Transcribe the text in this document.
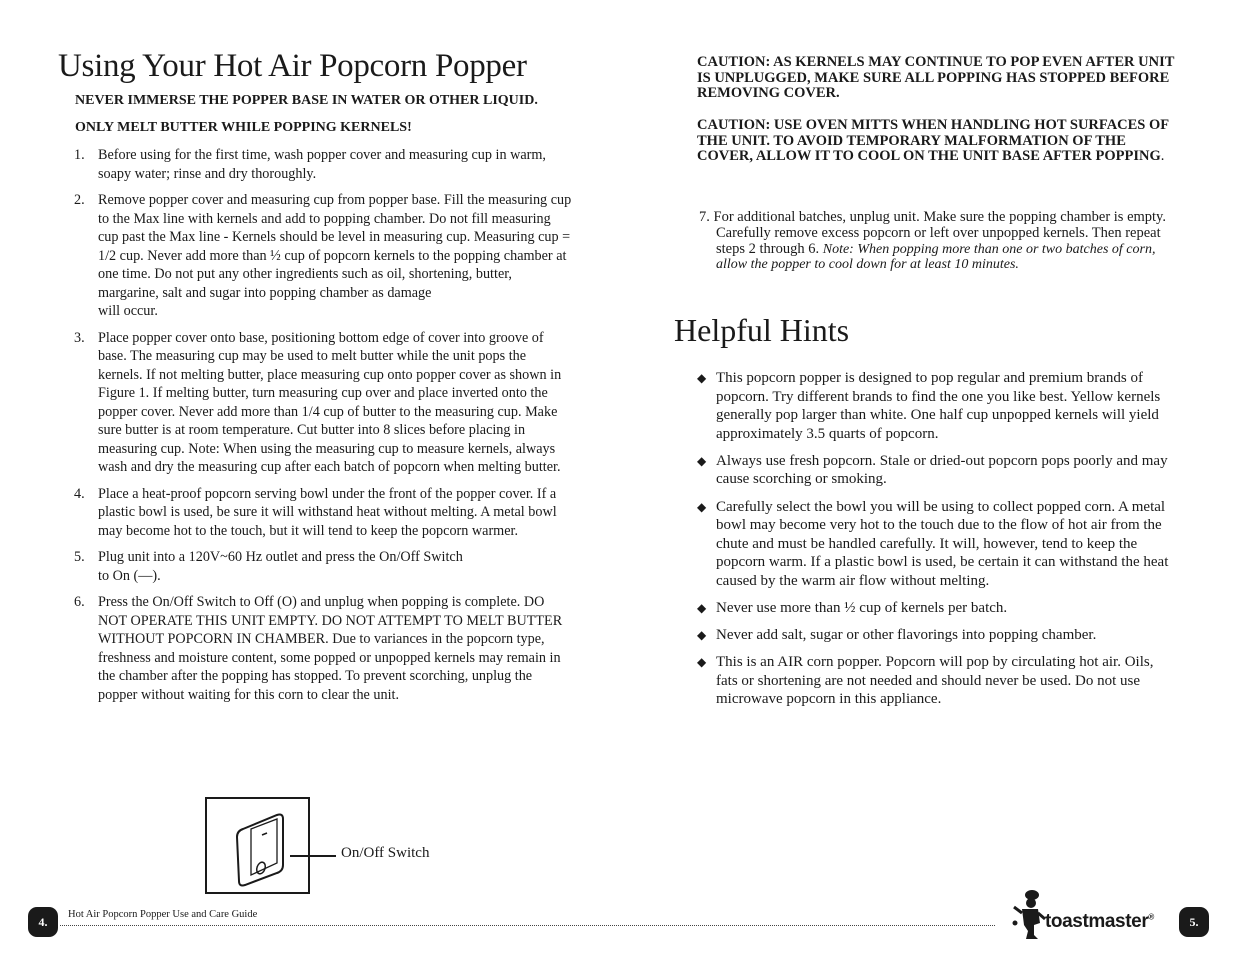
Using Your Hot Air Popcorn Popper

NEVER IMMERSE THE POPPER BASE IN WATER OR OTHER LIQUID.

ONLY MELT BUTTER WHILE POPPING KERNELS!

1. Before using for the first time, wash popper cover and measuring cup in warm, soapy water; rinse and dry thoroughly.
2. Remove popper cover and measuring cup from popper base. Fill the measuring cup to the Max line with kernels and add to popping chamber. Do not fill measuring cup past the Max line - Kernels should be level in measuring cup. Measuring cup = 1/2 cup. Never add more than ½ cup of popcorn kernels to the popping chamber at one time. Do not put any other ingredients such as oil, shortening, butter, margarine, salt and sugar into popping chamber as damage
will occur.
3. Place popper cover onto base, positioning bottom edge of cover into groove of base. The measuring cup may be used to melt butter while the unit pops the kernels. If not melting butter, place measuring cup onto popper cover as shown in Figure 1. If melting butter, turn measuring cup over and place inverted onto the popper cover. Never add more than 1/4 cup of butter to the measuring cup. Make sure butter is at room temperature. Cut butter into 8 slices before placing in measuring cup. Note: When using the measuring cup to measure kernels, always wash and dry the measuring cup after each batch of popcorn when melting butter.
4. Place a heat-proof popcorn serving bowl under the front of the popper cover. If a plastic bowl is used, be sure it will withstand heat without melting. A metal bowl may become hot to the touch, but it will tend to keep the popcorn warmer.
5. Plug unit into a 120V~60 Hz outlet and press the On/Off Switch
to On (—).
6. Press the On/Off Switch to Off (O) and unplug when popping is complete. DO NOT OPERATE THIS UNIT EMPTY. DO NOT ATTEMPT TO MELT BUTTER WITHOUT POPCORN IN CHAMBER. Due to variances in the popcorn type, freshness and moisture content, some popped or unpopped kernels may remain in the chamber after the popping has stopped. To prevent scorching, unplug the popper without waiting for this corn to clear the unit.
On/Off Switch
4.	Hot Air Popcorn Popper Use and Care Guide

CAUTION: AS KERNELS MAY CONTINUE TO POP EVEN AFTER UNIT IS UNPLUGGED, MAKE SURE ALL POPPING HAS STOPPED BEFORE REMOVING COVER.

CAUTION: USE OVEN MITTS WHEN HANDLING HOT SURFACES OF THE UNIT. TO AVOID TEMPORARY MALFORMATION OF THE COVER, ALLOW IT TO COOL ON THE UNIT BASE AFTER POPPING.

7. For additional batches, unplug unit. Make sure the popping chamber is empty. Carefully remove excess popcorn or left over unpopped kernels. Then repeat steps 2 through 6. Note: When popping more than one or two batches of corn, allow the popper to cool down for at least 10 minutes.

Helpful Hints
◆ This popcorn popper is designed to pop regular and premium brands of popcorn. Try different brands to find the one you like best. Yellow kernels generally pop larger than white. One half cup unpopped kernels will yield approximately 3.5 quarts of popcorn.
◆ Always use fresh popcorn. Stale or dried-out popcorn pops poorly and may cause scorching or smoking.
◆ Carefully select the bowl you will be using to collect popped corn. A metal bowl may become very hot to the touch due to the flow of hot air from the chute and must be handled carefully. It will, however, tend to keep the popcorn warm. If a plastic bowl is used, be certain it can withstand the heat caused by the warm air flow without melting.
◆ Never use more than ½ cup of kernels per batch.
◆ Never add salt, sugar or other flavorings into popping chamber.
◆ This is an AIR corn popper. Popcorn will pop by circulating hot air. Oils, fats or shortening are not needed and should never be used. Do not use microwave popcorn in this appliance.
toastmaster®	5.
